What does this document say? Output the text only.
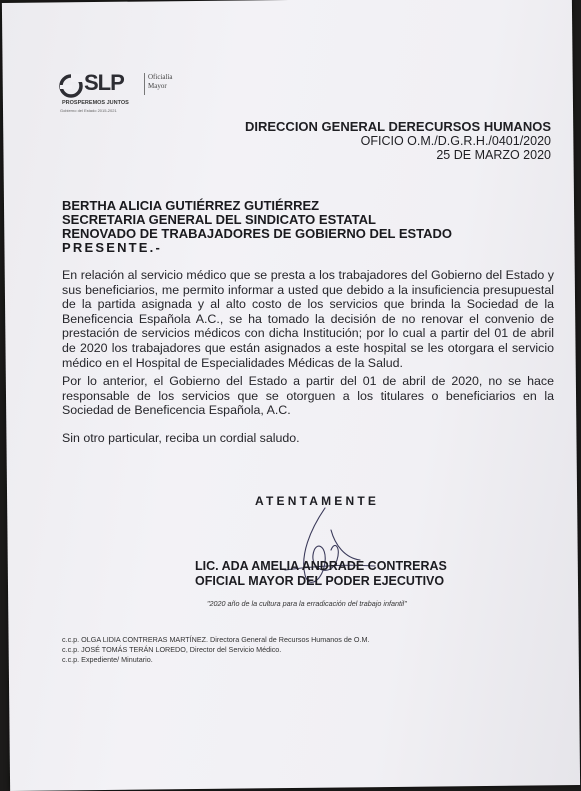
SLP	Oficialía
Mayor
PROSPEREMOS JUNTOS
Gobierno del Estado 2015-2021
DIRECCION GENERAL DERECURSOS HUMANOS
OFICIO O.M./D.G.R.H./0401/2020
25 DE MARZO 2020
BERTHA ALICIA GUTIÉRREZ GUTIÉRREZ
SECRETARIA GENERAL DEL SINDICATO ESTATAL
RENOVADO DE TRABAJADORES DE GOBIERNO DEL ESTADO
PRESENTE.-
En relación al servicio médico que se presta a los trabajadores del Gobierno del Estado y sus beneficiarios, me permito informar a usted que debido a la insuficiencia presupuestal de la partida asignada y al alto costo de los servicios que brinda la Sociedad de la Beneficencia Española A.C., se ha tomado la decisión de no renovar el convenio de prestación de servicios médicos con dicha Institución; por lo cual a partir del 01 de abril de 2020 los trabajadores que están asignados a este hospital se les otorgara el servicio médico en el Hospital de Especialidades Médicas de la Salud.
Por lo anterior, el Gobierno del Estado a partir del 01 de abril de 2020, no se hace responsable de los servicios que se otorguen a los titulares o beneficiarios en la Sociedad de Beneficencia Española, A.C.
Sin otro particular, reciba un cordial saludo.
ATENTAMENTE
LIC. ADA AMELIA ANDRADE CONTRERAS
OFICIAL MAYOR DEL PODER EJECUTIVO
"2020 año de la cultura para la erradicación del trabajo infantil"
c.c.p. OLGA LIDIA CONTRERAS MARTÍNEZ. Directora General de Recursos Humanos de O.M.
c.c.p. JOSÉ TOMÁS TERÁN LOREDO, Director del Servicio Médico.
c.c.p. Expediente/ Minutario.
